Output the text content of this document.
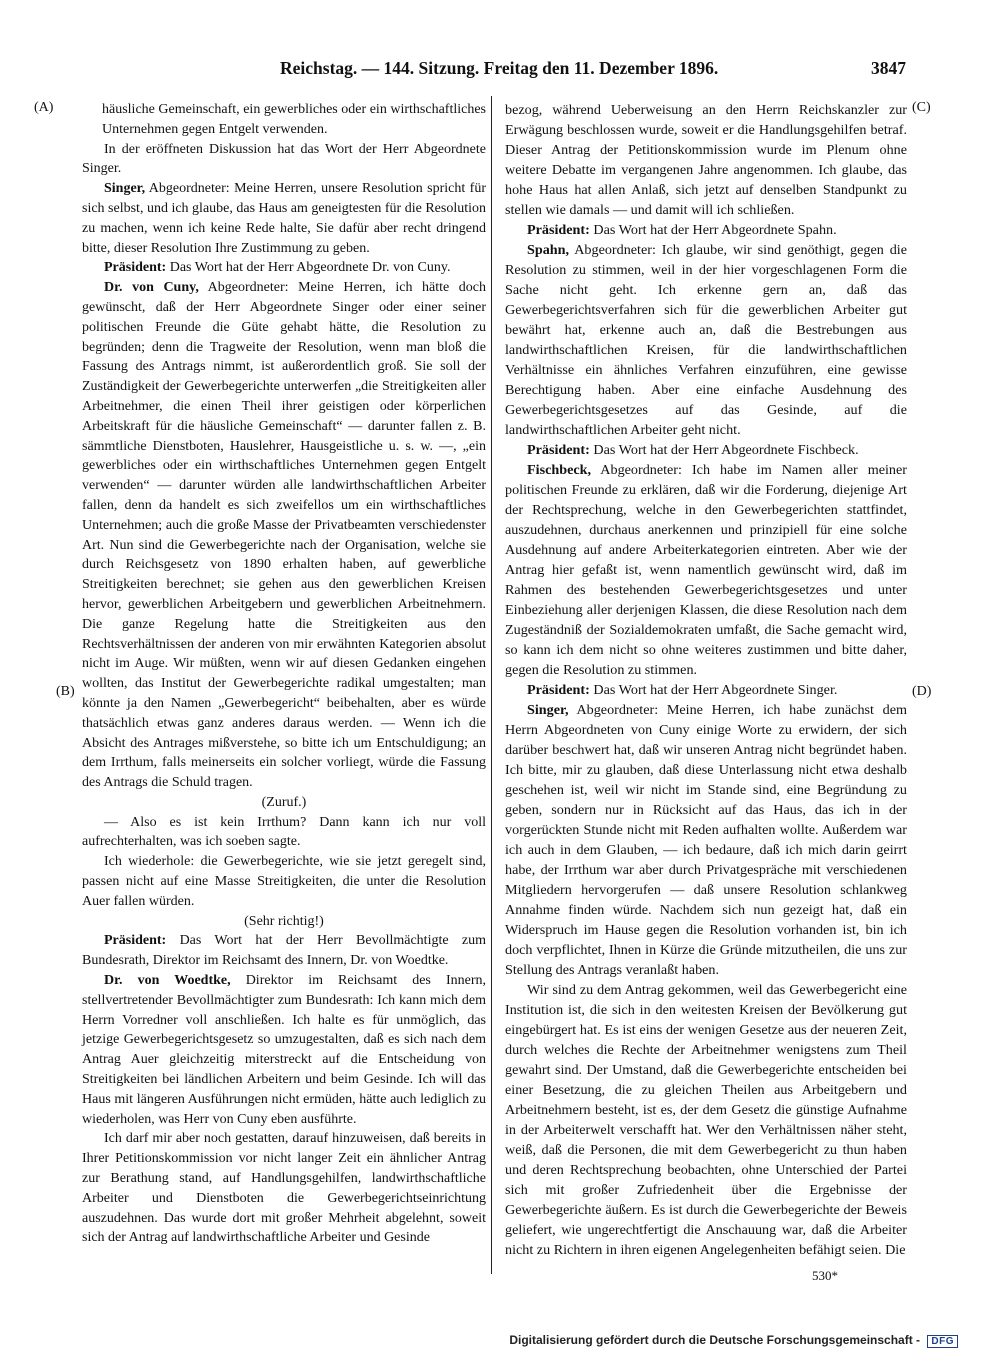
Reichstag. — 144. Sitzung. Freitag den 11. Dezember 1896.	3847
(A)
(B)
(C)
(D)

häusliche Gemeinschaft, ein gewerbliches oder ein wirthschaftliches Unternehmen gegen Entgelt verwenden.

In der eröffneten Diskussion hat das Wort der Herr Abgeordnete Singer.

Singer, Abgeordneter: Meine Herren, unsere Resolution spricht für sich selbst, und ich glaube, das Haus am geneigtesten für die Resolution zu machen, wenn ich keine Rede halte, Sie dafür aber recht dringend bitte, dieser Resolution Ihre Zustimmung zu geben.

Präsident: Das Wort hat der Herr Abgeordnete Dr. von Cuny.

Dr. von Cuny, Abgeordneter: Meine Herren, ich hätte doch gewünscht, daß der Herr Abgeordnete Singer oder einer seiner politischen Freunde die Güte gehabt hätte, die Resolution zu begründen; denn die Tragweite der Resolution, wenn man bloß die Fassung des Antrags nimmt, ist außerordentlich groß. Sie soll der Zuständigkeit der Gewerbegerichte unterwerfen „die Streitigkeiten aller Arbeitnehmer, die einen Theil ihrer geistigen oder körperlichen Arbeitskraft für die häusliche Gemeinschaft“ — darunter fallen z. B. sämmtliche Dienstboten, Hauslehrer, Hausgeistliche u. s. w. —, „ein gewerbliches oder ein wirthschaftliches Unternehmen gegen Entgelt verwenden“ — darunter würden alle landwirthschaftlichen Arbeiter fallen, denn da handelt es sich zweifellos um ein wirthschaftliches Unternehmen; auch die große Masse der Privatbeamten verschiedenster Art. Nun sind die Gewerbegerichte nach der Organisation, welche sie durch Reichsgesetz von 1890 erhalten haben, auf gewerbliche Streitigkeiten berechnet; sie gehen aus den gewerblichen Kreisen hervor, gewerblichen Arbeitgebern und gewerblichen Arbeitnehmern. Die ganze Regelung hatte die Streitigkeiten aus den Rechtsverhältnissen der anderen von mir erwähnten Kategorien absolut nicht im Auge. Wir müßten, wenn wir auf diesen Gedanken eingehen wollten, das Institut der Gewerbegerichte radikal umgestalten; man könnte ja den Namen „Gewerbegericht“ beibehalten, aber es würde thatsächlich etwas ganz anderes daraus werden. — Wenn ich die Absicht des Antrages mißverstehe, so bitte ich um Entschuldigung; an dem Irrthum, falls meinerseits ein solcher vorliegt, würde die Fassung des Antrags die Schuld tragen.

(Zuruf.)

— Also es ist kein Irrthum? Dann kann ich nur voll aufrechterhalten, was ich soeben sagte.

Ich wiederhole: die Gewerbegerichte, wie sie jetzt geregelt sind, passen nicht auf eine Masse Streitigkeiten, die unter die Resolution Auer fallen würden.

(Sehr richtig!)

Präsident: Das Wort hat der Herr Bevollmächtigte zum Bundesrath, Direktor im Reichsamt des Innern, Dr. von Woedtke.

Dr. von Woedtke, Direktor im Reichsamt des Innern, stellvertretender Bevollmächtigter zum Bundesrath: Ich kann mich dem Herrn Vorredner voll anschließen. Ich halte es für unmöglich, das jetzige Gewerbegerichtsgesetz so umzugestalten, daß es sich nach dem Antrag Auer gleichzeitig miterstreckt auf die Entscheidung von Streitigkeiten bei ländlichen Arbeitern und beim Gesinde. Ich will das Haus mit längeren Ausführungen nicht ermüden, hätte auch lediglich zu wiederholen, was Herr von Cuny eben ausführte.

Ich darf mir aber noch gestatten, darauf hinzuweisen, daß bereits in Ihrer Petitionskommission vor nicht langer Zeit ein ähnlicher Antrag zur Berathung stand, auf Handlungsgehilfen, landwirthschaftliche Arbeiter und Dienstboten die Gewerbegerichtseinrichtung auszudehnen. Das wurde dort mit großer Mehrheit abgelehnt, soweit sich der Antrag auf landwirthschaftliche Arbeiter und Gesinde

bezog, während Ueberweisung an den Herrn Reichskanzler zur Erwägung beschlossen wurde, soweit er die Handlungsgehilfen betraf. Dieser Antrag der Petitionskommission wurde im Plenum ohne weitere Debatte im vergangenen Jahre angenommen. Ich glaube, das hohe Haus hat allen Anlaß, sich jetzt auf denselben Standpunkt zu stellen wie damals — und damit will ich schließen.

Präsident: Das Wort hat der Herr Abgeordnete Spahn.

Spahn, Abgeordneter: Ich glaube, wir sind genöthigt, gegen die Resolution zu stimmen, weil in der hier vorgeschlagenen Form die Sache nicht geht. Ich erkenne gern an, daß das Gewerbegerichtsverfahren sich für die gewerblichen Arbeiter gut bewährt hat, erkenne auch an, daß die Bestrebungen aus landwirthschaftlichen Kreisen, für die landwirthschaftlichen Verhältnisse ein ähnliches Verfahren einzuführen, eine gewisse Berechtigung haben. Aber eine einfache Ausdehnung des Gewerbegerichtsgesetzes auf das Gesinde, auf die landwirthschaftlichen Arbeiter geht nicht.

Präsident: Das Wort hat der Herr Abgeordnete Fischbeck.

Fischbeck, Abgeordneter: Ich habe im Namen aller meiner politischen Freunde zu erklären, daß wir die Forderung, diejenige Art der Rechtsprechung, welche in den Gewerbegerichten stattfindet, auszudehnen, durchaus anerkennen und prinzipiell für eine solche Ausdehnung auf andere Arbeiterkategorien eintreten. Aber wie der Antrag hier gefaßt ist, wenn namentlich gewünscht wird, daß im Rahmen des bestehenden Gewerbegerichtsgesetzes und unter Einbeziehung aller derjenigen Klassen, die diese Resolution nach dem Zugeständniß der Sozialdemokraten umfaßt, die Sache gemacht wird, so kann ich dem nicht so ohne weiteres zustimmen und bitte daher, gegen die Resolution zu stimmen.

Präsident: Das Wort hat der Herr Abgeordnete Singer.

Singer, Abgeordneter: Meine Herren, ich habe zunächst dem Herrn Abgeordneten von Cuny einige Worte zu erwidern, der sich darüber beschwert hat, daß wir unseren Antrag nicht begründet haben. Ich bitte, mir zu glauben, daß diese Unterlassung nicht etwa deshalb geschehen ist, weil wir nicht im Stande sind, eine Begründung zu geben, sondern nur in Rücksicht auf das Haus, das ich in der vorgerückten Stunde nicht mit Reden aufhalten wollte. Außerdem war ich auch in dem Glauben, — ich bedaure, daß ich mich darin geirrt habe, der Irrthum war aber durch Privatgespräche mit verschiedenen Mitgliedern hervorgerufen — daß unsere Resolution schlankweg Annahme finden würde. Nachdem sich nun gezeigt hat, daß ein Widerspruch im Hause gegen die Resolution vorhanden ist, bin ich doch verpflichtet, Ihnen in Kürze die Gründe mitzutheilen, die uns zur Stellung des Antrags veranlaßt haben.

Wir sind zu dem Antrag gekommen, weil das Gewerbegericht eine Institution ist, die sich in den weitesten Kreisen der Bevölkerung gut eingebürgert hat. Es ist eins der wenigen Gesetze aus der neueren Zeit, durch welches die Rechte der Arbeitnehmer wenigstens zum Theil gewahrt sind. Der Umstand, daß die Gewerbegerichte entscheiden bei einer Besetzung, die zu gleichen Theilen aus Arbeitgebern und Arbeitnehmern besteht, ist es, der dem Gesetz die günstige Aufnahme in der Arbeiterwelt verschafft hat. Wer den Verhältnissen näher steht, weiß, daß die Personen, die mit dem Gewerbegericht zu thun haben und deren Rechtsprechung beobachten, ohne Unterschied der Partei sich mit großer Zufriedenheit über die Ergebnisse der Gewerbegerichte äußern. Es ist durch die Gewerbegerichte der Beweis geliefert, wie ungerechtfertigt die Anschauung war, daß die Arbeiter nicht zu Richtern in ihren eigenen Angelegenheiten befähigt seien. Die

530*
Digitalisierung gefördert durch die Deutsche Forschungsgemeinschaft - DFG
